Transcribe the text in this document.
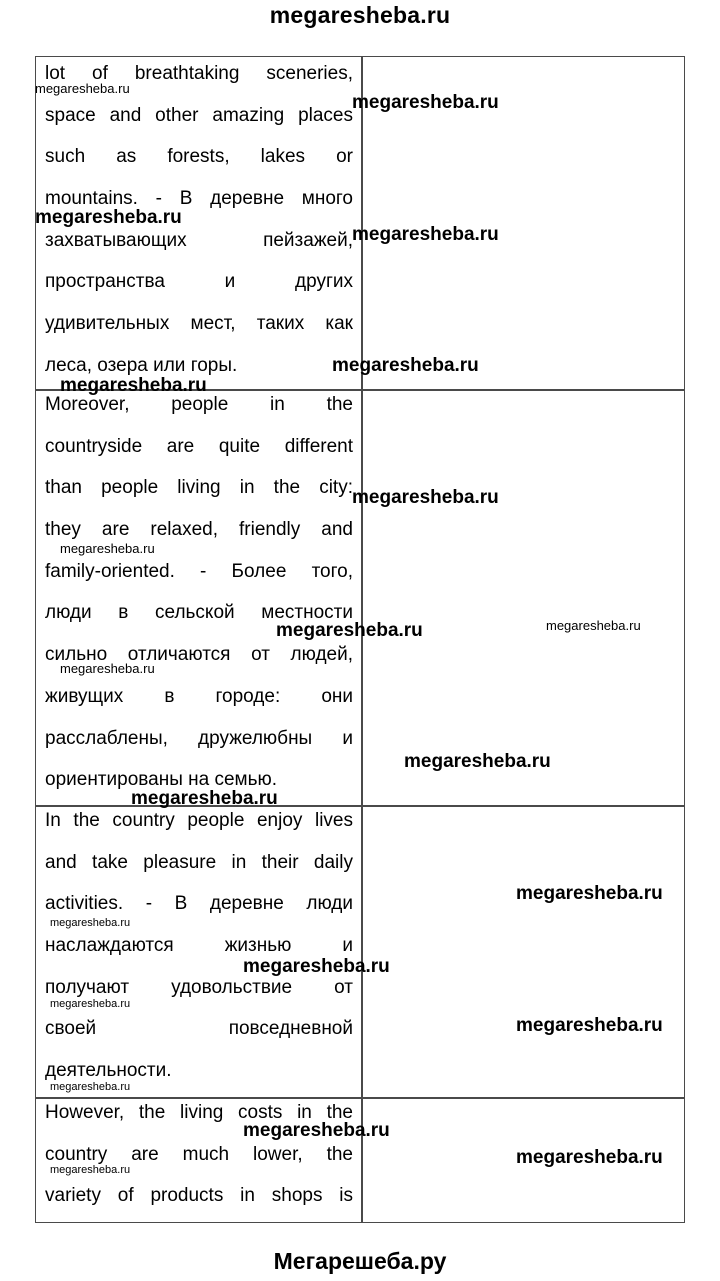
megaresheba.ru
lot of breathtaking sceneries,
space and other amazing places
such as forests, lakes or
mountains. - В деревне много
захватывающих пейзажей,
пространства и других
удивительных мест, таких как
леса, озера или горы.
Moreover, people in the
countryside are quite different
than people living in the city:
they are relaxed, friendly and
family-oriented. - Более того,
люди в сельской местности
сильно отличаются от людей,
живущих в городе: они
расслаблены, дружелюбны и
ориентированы на семью.
In the country people enjoy lives
and take pleasure in their daily
activities. - В деревне люди
наслаждаются жизнью и
получают удовольствие от
своей повседневной
деятельности.
However, the living costs in the
country are much lower, the
variety of products in shops is
megaresheba.ru
megaresheba.ru
megaresheba.ru
megaresheba.ru
megaresheba.ru
megaresheba.ru
megaresheba.ru
megaresheba.ru
megaresheba.ru
megaresheba.ru
megaresheba.ru
megaresheba.ru
megaresheba.ru
megaresheba.ru
megaresheba.ru
megaresheba.ru
megaresheba.ru
megaresheba.ru
megaresheba.ru
megaresheba.ru
megaresheba.ru
megaresheba.ru
Мегарешеба.ру
